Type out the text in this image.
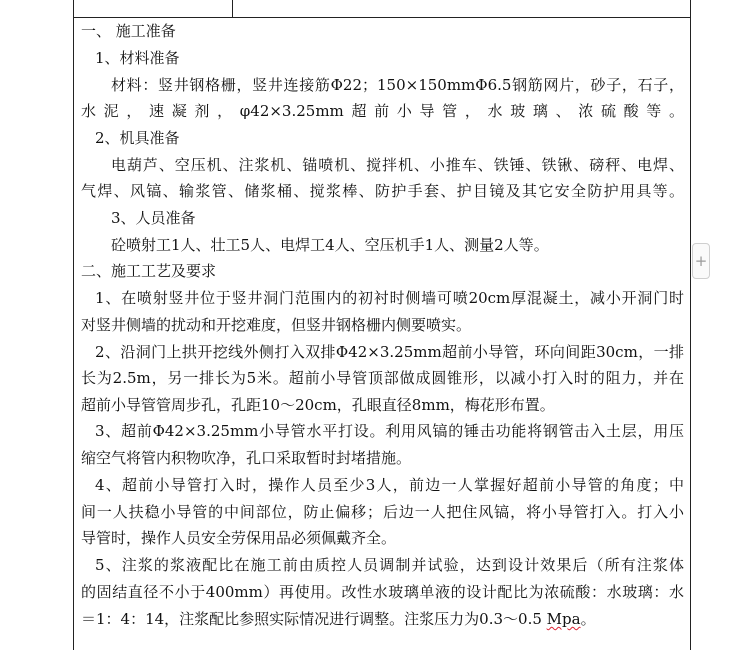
一、 施工准备
1、材料准备
材料：竖井钢格栅，竖井连接筋Φ22；150×150mmΦ6.5钢筋网片，砂子，石子，
水泥，速凝剂，φ42×3.25mm超前小导管，水玻璃、浓硫酸等。
2、机具准备
电葫芦、空压机、注浆机、锚喷机、搅拌机、小推车、铁锤、铁锹、磅秤、电焊、
气焊、风镐、输浆管、储浆桶、搅浆棒、防护手套、护目镜及其它安全防护用具等。
3、人员准备
砼喷射工1人、壮工5人、电焊工4人、空压机手1人、测量2人等。
二、施工工艺及要求
1、在喷射竖井位于竖井洞门范围内的初衬时侧墙可喷20cm厚混凝土，减小开洞门时
对竖井侧墙的扰动和开挖难度，但竖井钢格栅内侧要喷实。
2、沿洞门上拱开挖线外侧打入双排Φ42×3.25mm超前小导管，环向间距30cm，一排
长为2.5m，另一排长为5米。超前小导管顶部做成圆锥形，以减小打入时的阻力，并在
超前小导管管周步孔，孔距10～20cm，孔眼直径8mm，梅花形布置。
3、超前Φ42×3.25mm小导管水平打设。利用风镐的锤击功能将钢管击入土层，用压
缩空气将管内积物吹净，孔口采取暂时封堵措施。
4、超前小导管打入时，操作人员至少3人，前边一人掌握好超前小导管的角度；中
间一人扶稳小导管的中间部位，防止偏移；后边一人把住风镐，将小导管打入。打入小
导管时，操作人员安全劳保用品必须佩戴齐全。
5、注浆的浆液配比在施工前由质控人员调制并试验，达到设计效果后（所有注浆体
的固结直径不小于400mm）再使用。改性水玻璃单液的设计配比为浓硫酸：水玻璃：水
＝1：4：14，注浆配比参照实际情况进行调整。注浆压力为0.3～0.5 Mpa。
+
